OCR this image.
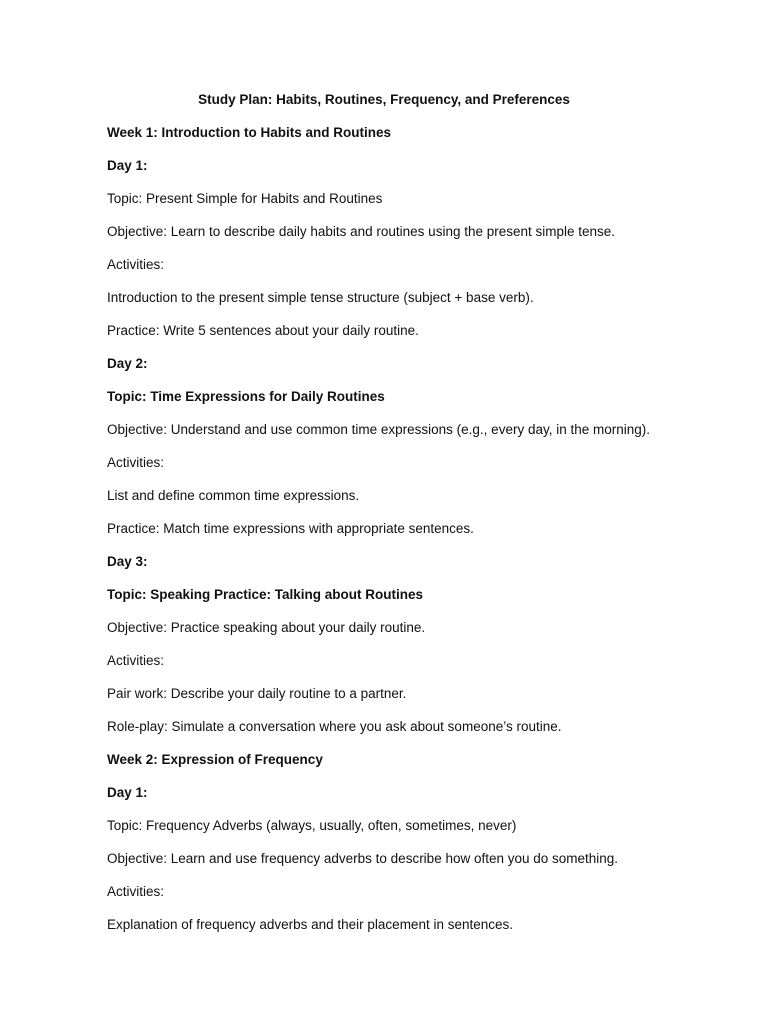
Study Plan: Habits, Routines, Frequency, and Preferences
Week 1: Introduction to Habits and Routines
Day 1:
Topic: Present Simple for Habits and Routines
Objective: Learn to describe daily habits and routines using the present simple tense.
Activities:
Introduction to the present simple tense structure (subject + base verb).
Practice: Write 5 sentences about your daily routine.
Day 2:
Topic: Time Expressions for Daily Routines
Objective: Understand and use common time expressions (e.g., every day, in the morning).
Activities:
List and define common time expressions.
Practice: Match time expressions with appropriate sentences.
Day 3:
Topic: Speaking Practice: Talking about Routines
Objective: Practice speaking about your daily routine.
Activities:
Pair work: Describe your daily routine to a partner.
Role-play: Simulate a conversation where you ask about someone’s routine.
Week 2: Expression of Frequency
Day 1:
Topic: Frequency Adverbs (always, usually, often, sometimes, never)
Objective: Learn and use frequency adverbs to describe how often you do something.
Activities:
Explanation of frequency adverbs and their placement in sentences.
